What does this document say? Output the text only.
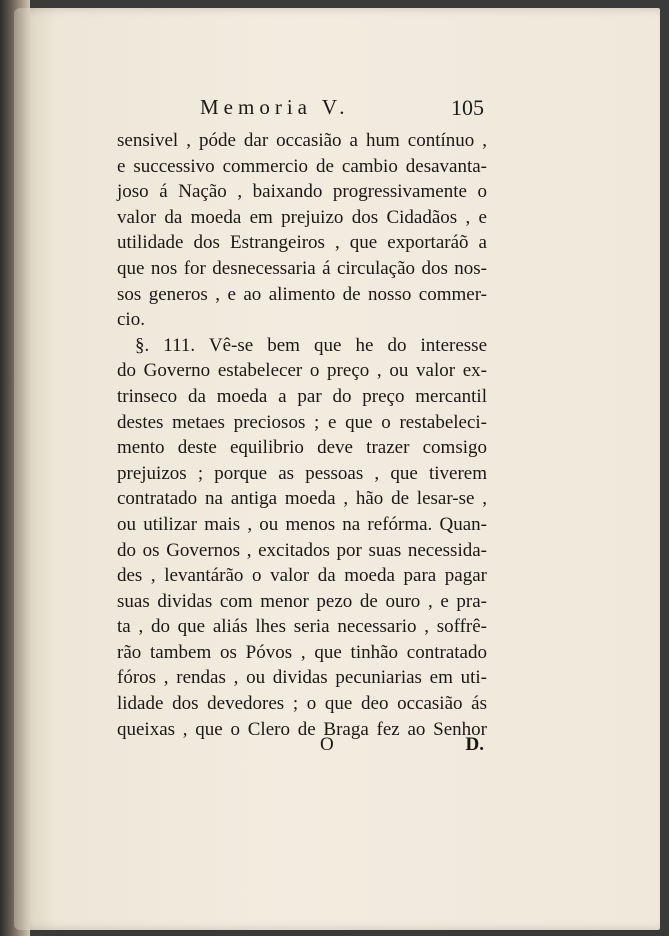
Memoria V.	105
sensivel , póde dar occasião a hum contínuo ,
e successivo commercio de cambio desavanta-
joso á Nação , baixando progressivamente o
valor da moeda em prejuizo dos Cidadãos , e
utilidade dos Estrangeiros , que exportaráõ a
que nos for desnecessaria á circulação dos nos-
sos generos , e ao alimento de nosso commer-
cio.
§. 111. Vê-se bem que he do interesse
do Governo estabelecer o preço , ou valor ex-
trinseco da moeda a par do preço mercantil
destes metaes preciosos ; e que o restabeleci-
mento deste equilibrio deve trazer comsigo
prejuizos ; porque as pessoas , que tiverem
contratado na antiga moeda , hão de lesar-se ,
ou utilizar mais , ou menos na refórma. Quan-
do os Governos , excitados por suas necessida-
des , levantárão o valor da moeda para pagar
suas dividas com menor pezo de ouro , e pra-
ta , do que aliás lhes seria necessario , soffrê-
rão tambem os Póvos , que tinhão contratado
fóros , rendas , ou dividas pecuniarias em uti-
lidade dos devedores ; o que deo occasião ás
queixas , que o Clero de Braga fez ao Senhor
O	D.
